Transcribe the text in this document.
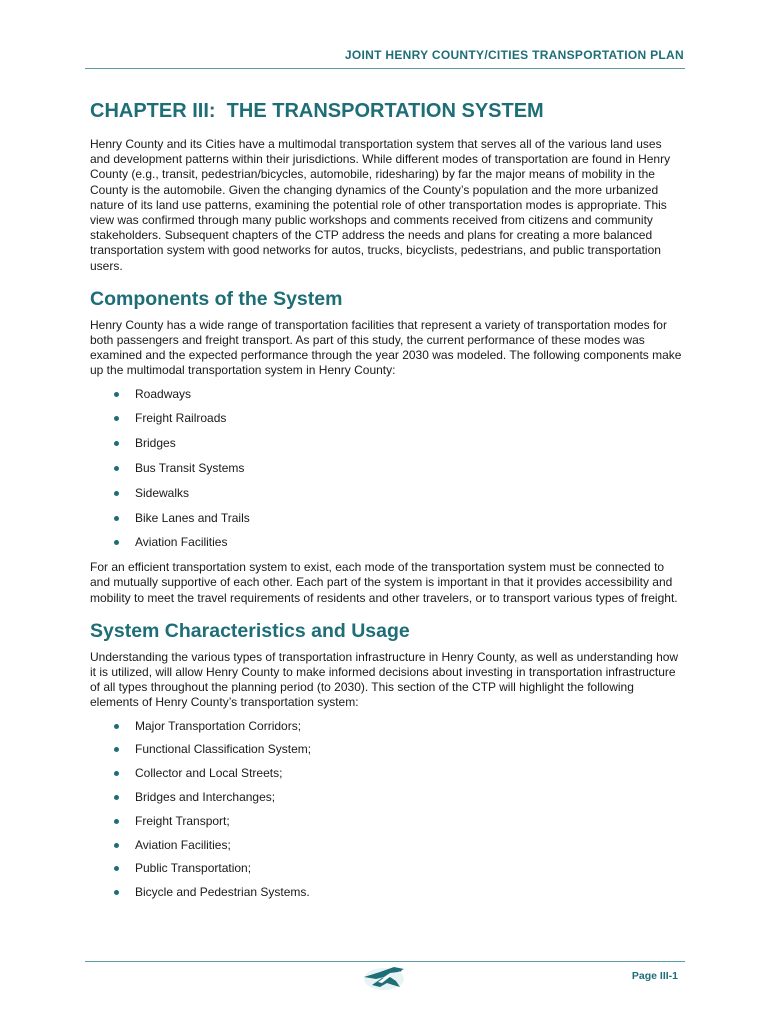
JOINT HENRY COUNTY/CITIES TRANSPORTATION PLAN
CHAPTER III:  THE TRANSPORTATION SYSTEM

Henry County and its Cities have a multimodal transportation system that serves all of the various land uses and development patterns within their jurisdictions. While different modes of transportation are found in Henry County (e.g., transit, pedestrian/bicycles, automobile, ridesharing) by far the major means of mobility in the County is the automobile. Given the changing dynamics of the County’s population and the more urbanized nature of its land use patterns, examining the potential role of other transportation modes is appropriate. This view was confirmed through many public workshops and comments received from citizens and community stakeholders. Subsequent chapters of the CTP address the needs and plans for creating a more balanced transportation system with good networks for autos, trucks, bicyclists, pedestrians, and public transportation users.

Components of the System

Henry County has a wide range of transportation facilities that represent a variety of transportation modes for both passengers and freight transport. As part of this study, the current performance of these modes was examined and the expected performance through the year 2030 was modeled. The following components make up the multimodal transportation system in Henry County:

Roadways
Freight Railroads
Bridges
Bus Transit Systems
Sidewalks
Bike Lanes and Trails
Aviation Facilities

For an efficient transportation system to exist, each mode of the transportation system must be connected to and mutually supportive of each other. Each part of the system is important in that it provides accessibility and mobility to meet the travel requirements of residents and other travelers, or to transport various types of freight.

System Characteristics and Usage

Understanding the various types of transportation infrastructure in Henry County, as well as understanding how it is utilized, will allow Henry County to make informed decisions about investing in transportation infrastructure of all types throughout the planning period (to 2030). This section of the CTP will highlight the following elements of Henry County’s transportation system:

Major Transportation Corridors;
Functional Classification System;
Collector and Local Streets;
Bridges and Interchanges;
Freight Transport;
Aviation Facilities;
Public Transportation;
Bicycle and Pedestrian Systems.
Page III-1
